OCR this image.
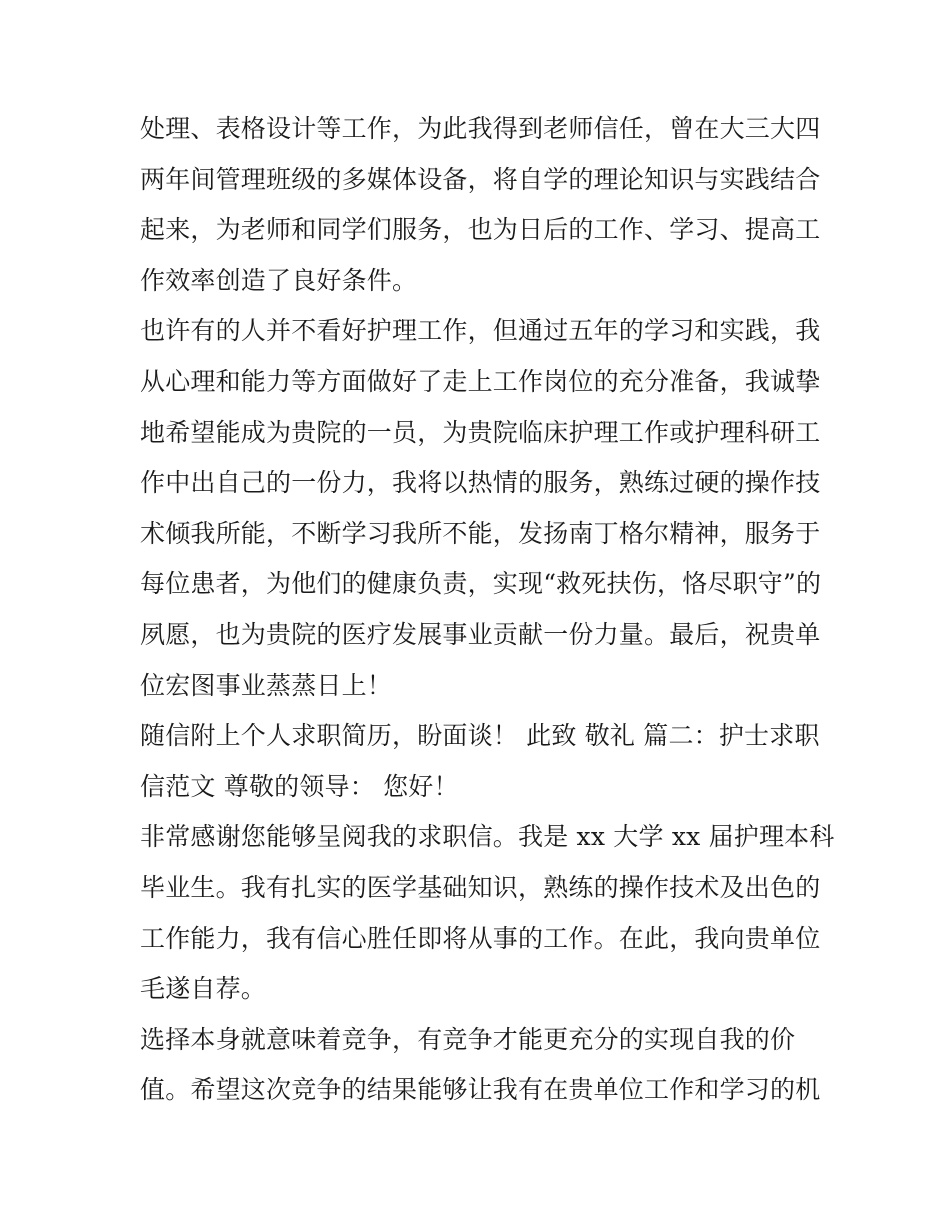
处理、表格设计等工作，为此我得到老师信任，曾在大三大四
两年间管理班级的多媒体设备，将自学的理论知识与实践结合
起来，为老师和同学们服务，也为日后的工作、学习、提高工
作效率创造了良好条件。
也许有的人并不看好护理工作，但通过五年的学习和实践，我
从心理和能力等方面做好了走上工作岗位的充分准备，我诚挚
地希望能成为贵院的一员，为贵院临床护理工作或护理科研工
作中出自己的一份力，我将以热情的服务，熟练过硬的操作技
术倾我所能，不断学习我所不能，发扬南丁格尔精神，服务于
每位患者，为他们的健康负责，实现“救死扶伤，恪尽职守”的
夙愿，也为贵院的医疗发展事业贡献一份力量。最后，祝贵单
位宏图事业蒸蒸日上！
随信附上个人求职简历，盼面谈！ 此致 敬礼 篇二：护士求职
信范文 尊敬的领导： 您好！
非常感谢您能够呈阅我的求职信。我是 xx 大学 xx 届护理本科
毕业生。我有扎实的医学基础知识，熟练的操作技术及出色的
工作能力，我有信心胜任即将从事的工作。在此，我向贵单位
毛遂自荐。
选择本身就意味着竞争，有竞争才能更充分的实现自我的价
值。希望这次竞争的结果能够让我有在贵单位工作和学习的机
